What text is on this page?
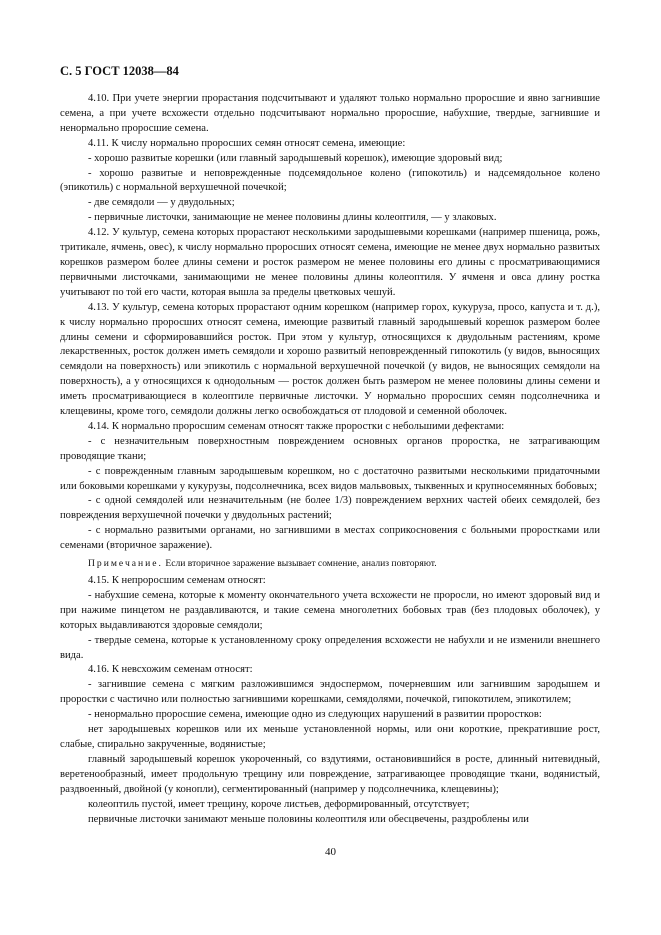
С. 5 ГОСТ 12038—84

4.10. При учете энергии прорастания подсчитывают и удаляют только нормально проросшие и явно загнившие семена, а при учете всхожести отдельно подсчитывают нормально проросшие, набухшие, твердые, загнившие и ненормально проросшие семена.

4.11. К числу нормально проросших семян относят семена, имеющие:

- хорошо развитые корешки (или главный зародышевый корешок), имеющие здоровый вид;

- хорошо развитые и неповрежденные подсемядольное колено (гипокотиль) и надсемядольное колено (эпикотиль) с нормальной верхушечной почечкой;

- две семядоли — у двудольных;

- первичные листочки, занимающие не менее половины длины колеоптиля, — у злаковых.

4.12. У культур, семена которых прорастают несколькими зародышевыми корешками (например пшеница, рожь, тритикале, ячмень, овес), к числу нормально проросших относят семена, имеющие не менее двух нормально развитых корешков размером более длины семени и росток размером не менее половины его длины с просматривающимися первичными листочками, занимающими не менее половины длины колеоптиля. У ячменя и овса длину ростка учитывают по той его части, которая вышла за пределы цветковых чешуй.

4.13. У культур, семена которых прорастают одним корешком (например горох, кукуруза, просо, капуста и т. д.), к числу нормально проросших относят семена, имеющие развитый главный зародышевый корешок размером более длины семени и сформировавшийся росток. При этом у культур, относящихся к двудольным растениям, кроме лекарственных, росток должен иметь семядоли и хорошо развитый неповрежденный гипокотиль (у видов, выносящих семядоли на поверхность) или эпикотиль с нормальной верхушечной почечкой (у видов, не выносящих семядоли на поверхность), а у относящихся к однодольным — росток должен быть размером не менее половины длины семени и иметь просматривающиеся в колеоптиле первичные листочки. У нормально проросших семян подсолнечника и клещевины, кроме того, семядоли должны легко освобождаться от плодовой и семенной оболочек.

4.14. К нормально проросшим семенам относят также проростки с небольшими дефектами:

- с незначительным поверхностным повреждением основных органов проростка, не затрагивающим проводящие ткани;

- с поврежденным главным зародышевым корешком, но с достаточно развитыми несколькими придаточными или боковыми корешками у кукурузы, подсолнечника, всех видов мальвовых, тыквенных и крупносемянных бобовых;

- с одной семядолей или незначительным (не более 1/3) повреждением верхних частей обеих семядолей, без повреждения верхушечной почечки у двудольных растений;

- с нормально развитыми органами, но загнившими в местах соприкосновения с больными проростками или семенами (вторичное заражение).

Примечание. Если вторичное заражение вызывает сомнение, анализ повторяют.

4.15. К непроросшим семенам относят:

- набухшие семена, которые к моменту окончательного учета всхожести не проросли, но имеют здоровый вид и при нажиме пинцетом не раздавливаются, и такие семена многолетних бобовых трав (без плодовых оболочек), у которых выдавливаются здоровые семядоли;

- твердые семена, которые к установленному сроку определения всхожести не набухли и не изменили внешнего вида.

4.16. К невсхожим семенам относят:

- загнившие семена с мягким разложившимся эндоспермом, почерневшим или загнившим зародышем и проростки с частично или полностью загнившими корешками, семядолями, почечкой, гипокотилем, эпикотилем;

- ненормально проросшие семена, имеющие одно из следующих нарушений в развитии проростков:

нет зародышевых корешков или их меньше установленной нормы, или они короткие, прекратившие рост, слабые, спирально закрученные, водянистые;

главный зародышевый корешок укороченный, со вздутиями, остановившийся в росте, длинный нитевидный, веретенообразный, имеет продольную трещину или повреждение, затрагивающее проводящие ткани, водянистый, раздвоенный, двойной (у конопли), сегментированный (например у подсолнечника, клещевины);

колеоптиль пустой, имеет трещину, короче листьев, деформированный, отсутствует;

первичные листочки занимают меньше половины колеоптиля или обесцвечены, раздроблены или

40
